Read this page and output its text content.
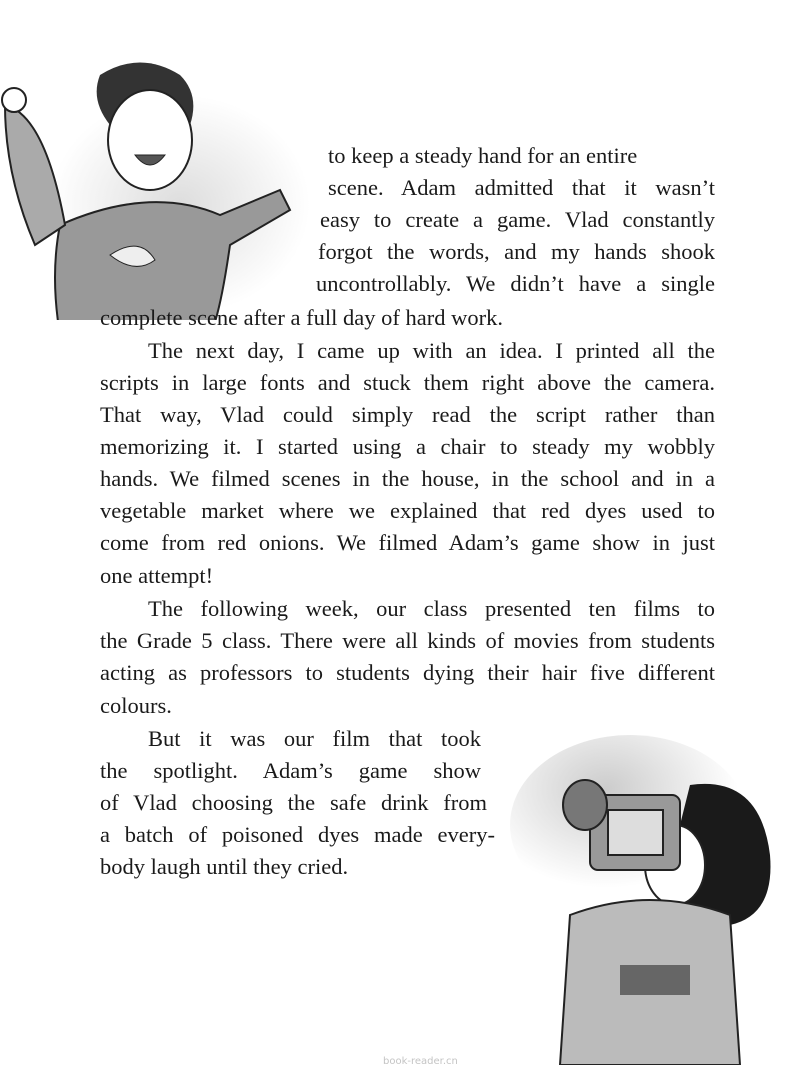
to keep a steady hand for an entire
scene. Adam admitted that it wasn’t
easy to create a game. Vlad constantly
forgot the words, and my hands shook
uncontrollably. We didn’t have a single
complete scene after a full day of hard work.
The next day, I came up with an idea. I printed all the
scripts in large fonts and stuck them right above the camera.
That way, Vlad could simply read the script rather than
memorizing it. I started using a chair to steady my wobbly
hands. We filmed scenes in the house, in the school and in a
vegetable market where we explained that red dyes used to
come from red onions. We filmed Adam’s game show in just
one attempt!
The following week, our class presented ten films to
the Grade 5 class. There were all kinds of movies from students
acting as professors to students dying their hair five different
colours.
But it was our film that took
the spotlight. Adam’s game show
of Vlad choosing the safe drink from
a batch of poisoned dyes made every-
body laugh until they cried.
book-reader.cn
